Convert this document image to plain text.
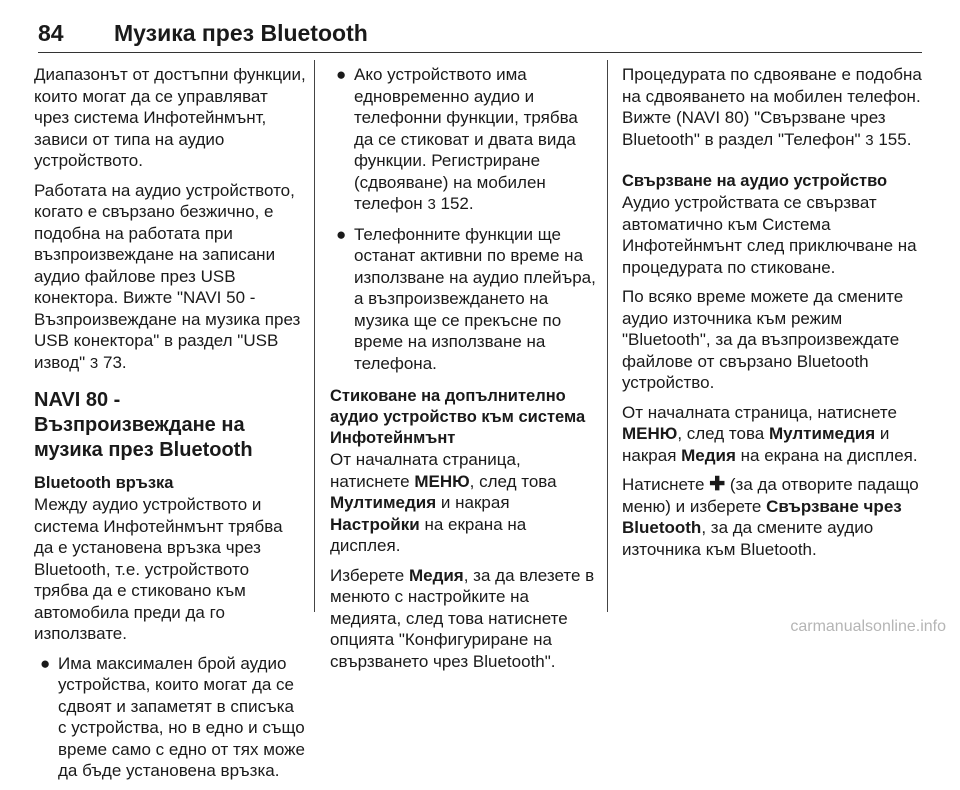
84 Музика през Bluetooth

Диапазонът от достъпни функции, които могат да се управляват чрез система Инфотейнмънт, зависи от типа на аудио устройството.

Работата на аудио устройството, когато е свързано безжично, е подобна на работата при възпроизвеждане на записани аудио файлове през USB конектора. Вижте "NAVI 50 - Възпроизвеждане на музика през USB конектора" в раздел "USB извод" 3 73.

NAVI 80 - Възпроизвеждане на музика през Bluetooth
Bluetooth връзка

Между аудио устройството и система Инфотейнмънт трябва да е установена връзка чрез Bluetooth, т.е. устройството трябва да е стиковано към автомобила преди да го използвате.

● Има максимален брой аудио устройства, които могат да се сдвоят и запаметят в списъка с устройства, но в едно и също време само с едно от тях може да бъде установена връзка.
● Ако устройството има едновременно аудио и телефонни функции, трябва да се стиковат и двата вида функции. Регистриране (сдвояване) на мобилен телефон 3 152.
● Телефонните функции ще останат активни по време на използване на аудио плейъра, а възпроизвеждането на музика ще се прекъсне по време на използване на телефона.
Стиковане на допълнително аудио устройство към система Инфотейнмънт

От началната страница, натиснете МЕНЮ, след това Мултимедия и накрая Настройки на екрана на дисплея.

Изберете Медия, за да влезете в менюто с настройките на медията, след това натиснете опцията "Конфигуриране на свързването чрез Bluetooth".

Процедурата по сдвояване е подобна на сдвояването на мобилен телефон. Вижте (NAVI 80) "Свързване чрез Bluetooth" в раздел "Телефон" 3 155.

Свързване на аудио устройство

Аудио устройствата се свързват автоматично към Система Инфотейнмънт след приключване на процедурата по стиковане.

По всяко време можете да смените аудио източника към режим "Bluetooth", за да възпроизвеждате файлове от свързано Bluetooth устройство.

От началната страница, натиснете МЕНЮ, след това Мултимедия и накрая Медия на екрана на дисплея.

Натиснете ✚ (за да отворите падащо меню) и изберете Свързване чрез Bluetooth, за да смените аудио източника към Bluetooth.

carmanualsonline.info
